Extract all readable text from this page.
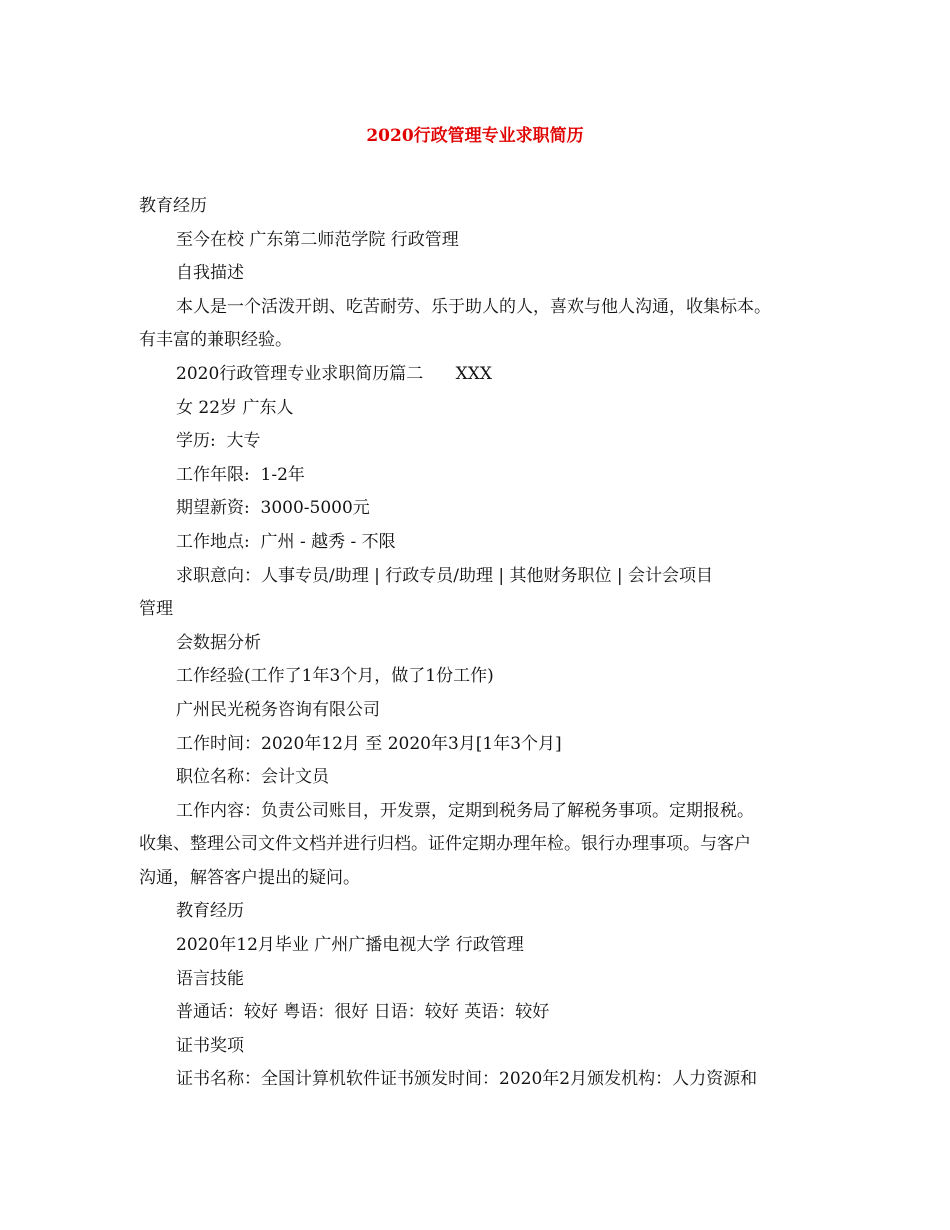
2020行政管理专业求职简历

教育经历

至今在校 广东第二师范学院 行政管理

自我描述

本人是一个活泼开朗、吃苦耐劳、乐于助人的人，喜欢与他人沟通，收集标本。

有丰富的兼职经验。

2020行政管理专业求职简历篇二      XXX

女 22岁 广东人

学历:  大专

工作年限:  1-2年

期望新资:  3000-5000元

工作地点:  广州 - 越秀 - 不限

求职意向：人事专员/助理 | 行政专员/助理 | 其他财务职位 | 会计会项目

管理

会数据分析

工作经验(工作了1年3个月，做了1份工作)

广州民光税务咨询有限公司

工作时间：2020年12月 至 2020年3月[1年3个月]

职位名称：会计文员

工作内容：负责公司账目，开发票，定期到税务局了解税务事项。定期报税。

收集、整理公司文件文档并进行归档。证件定期办理年检。银行办理事项。与客户

沟通，解答客户提出的疑问。

教育经历

2020年12月毕业 广州广播电视大学 行政管理

语言技能

普通话：较好 粤语：很好 日语：较好 英语：较好

证书奖项

证书名称：全国计算机软件证书颁发时间：2020年2月颁发机构：人力资源和
